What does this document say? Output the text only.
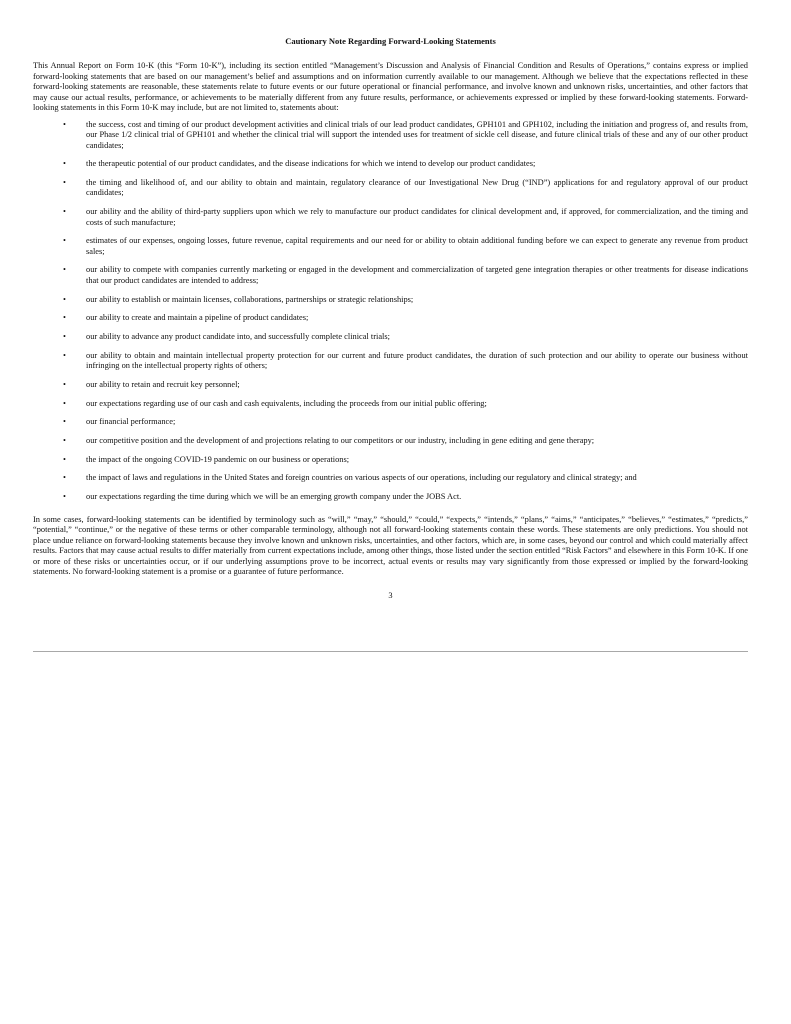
Cautionary Note Regarding Forward-Looking Statements

This Annual Report on Form 10-K (this “Form 10-K”), including its section entitled “Management’s Discussion and Analysis of Financial Condition and Results of Operations,” contains express or implied forward-looking statements that are based on our management’s belief and assumptions and on information currently available to our management. Although we believe that the expectations reflected in these forward-looking statements are reasonable, these statements relate to future events or our future operational or financial performance, and involve known and unknown risks, uncertainties, and other factors that may cause our actual results, performance, or achievements to be materially different from any future results, performance, or achievements expressed or implied by these forward-looking statements. Forward-looking statements in this Form 10-K may include, but are not limited to, statements about:

• the success, cost and timing of our product development activities and clinical trials of our lead product candidates, GPH101 and GPH102, including the initiation and progress of, and results from, our Phase 1/2 clinical trial of GPH101 and whether the clinical trial will support the intended uses for treatment of sickle cell disease, and future clinical trials of these and any of our other product candidates;
• the therapeutic potential of our product candidates, and the disease indications for which we intend to develop our product candidates;
• the timing and likelihood of, and our ability to obtain and maintain, regulatory clearance of our Investigational New Drug (“IND”) applications for and regulatory approval of our product candidates;
• our ability and the ability of third-party suppliers upon which we rely to manufacture our product candidates for clinical development and, if approved, for commercialization, and the timing and costs of such manufacture;
• estimates of our expenses, ongoing losses, future revenue, capital requirements and our need for or ability to obtain additional funding before we can expect to generate any revenue from product sales;
• our ability to compete with companies currently marketing or engaged in the development and commercialization of targeted gene integration therapies or other treatments for disease indications that our product candidates are intended to address;
• our ability to establish or maintain licenses, collaborations, partnerships or strategic relationships;
• our ability to create and maintain a pipeline of product candidates;
• our ability to advance any product candidate into, and successfully complete clinical trials;
• our ability to obtain and maintain intellectual property protection for our current and future product candidates, the duration of such protection and our ability to operate our business without infringing on the intellectual property rights of others;
• our ability to retain and recruit key personnel;
• our expectations regarding use of our cash and cash equivalents, including the proceeds from our initial public offering;
• our financial performance;
• our competitive position and the development of and projections relating to our competitors or our industry, including in gene editing and gene therapy;
• the impact of the ongoing COVID-19 pandemic on our business or operations;
• the impact of laws and regulations in the United States and foreign countries on various aspects of our operations, including our regulatory and clinical strategy; and
• our expectations regarding the time during which we will be an emerging growth company under the JOBS Act.

In some cases, forward-looking statements can be identified by terminology such as “will,” “may,” “should,” “could,” “expects,” “intends,” “plans,” “aims,” “anticipates,” “believes,” “estimates,” “predicts,” “potential,” “continue,” or the negative of these terms or other comparable terminology, although not all forward-looking statements contain these words. These statements are only predictions. You should not place undue reliance on forward-looking statements because they involve known and unknown risks, uncertainties, and other factors, which are, in some cases, beyond our control and which could materially affect results. Factors that may cause actual results to differ materially from current expectations include, among other things, those listed under the section entitled “Risk Factors” and elsewhere in this Form 10-K. If one or more of these risks or uncertainties occur, or if our underlying assumptions prove to be incorrect, actual events or results may vary significantly from those expressed or implied by the forward-looking statements. No forward-looking statement is a promise or a guarantee of future performance.

3
